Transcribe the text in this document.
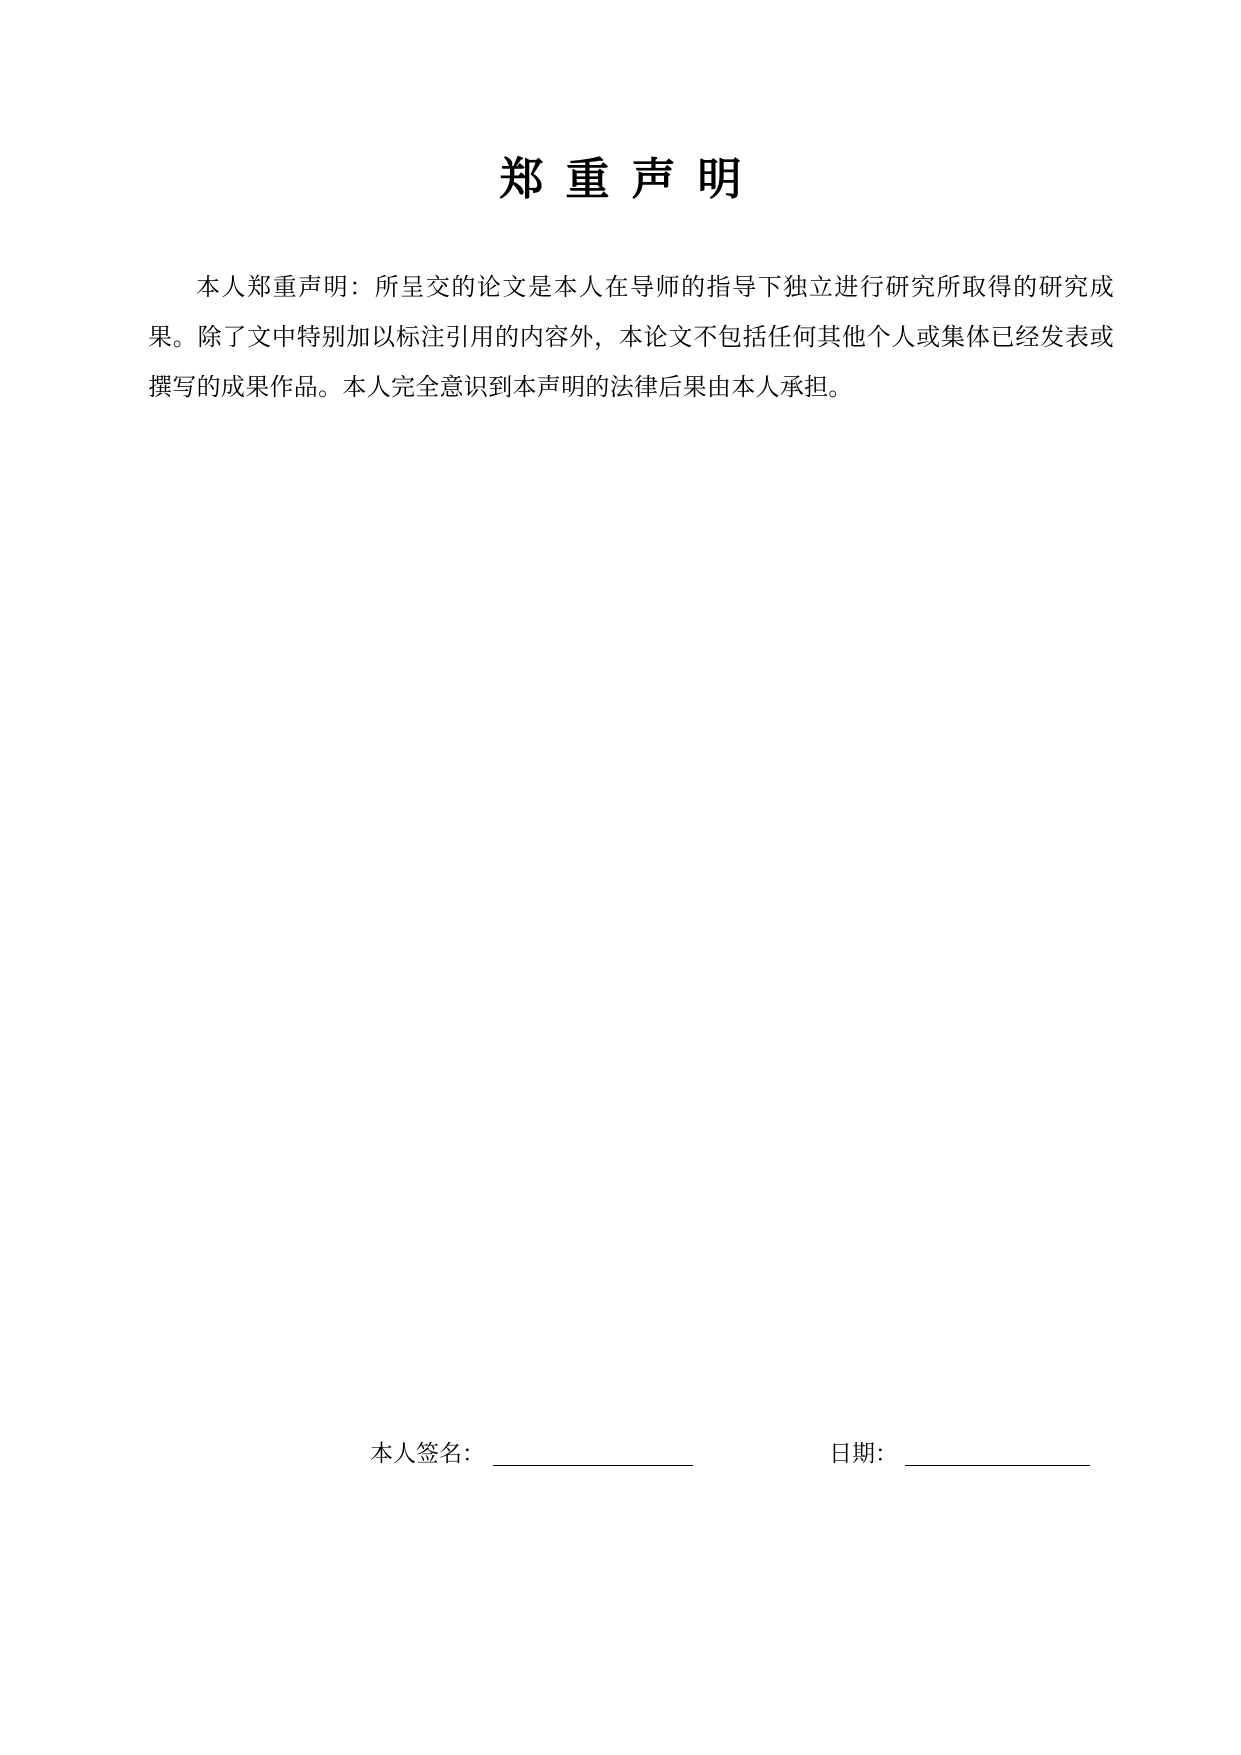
郑重声明
本人郑重声明：所呈交的论文是本人在导师的指导下独立进行研究所取得的研究成果。除了文中特别加以标注引用的内容外，本论文不包括任何其他个人或集体已经发表或撰写的成果作品。本人完全意识到本声明的法律后果由本人承担。
本人签名：	日期：
